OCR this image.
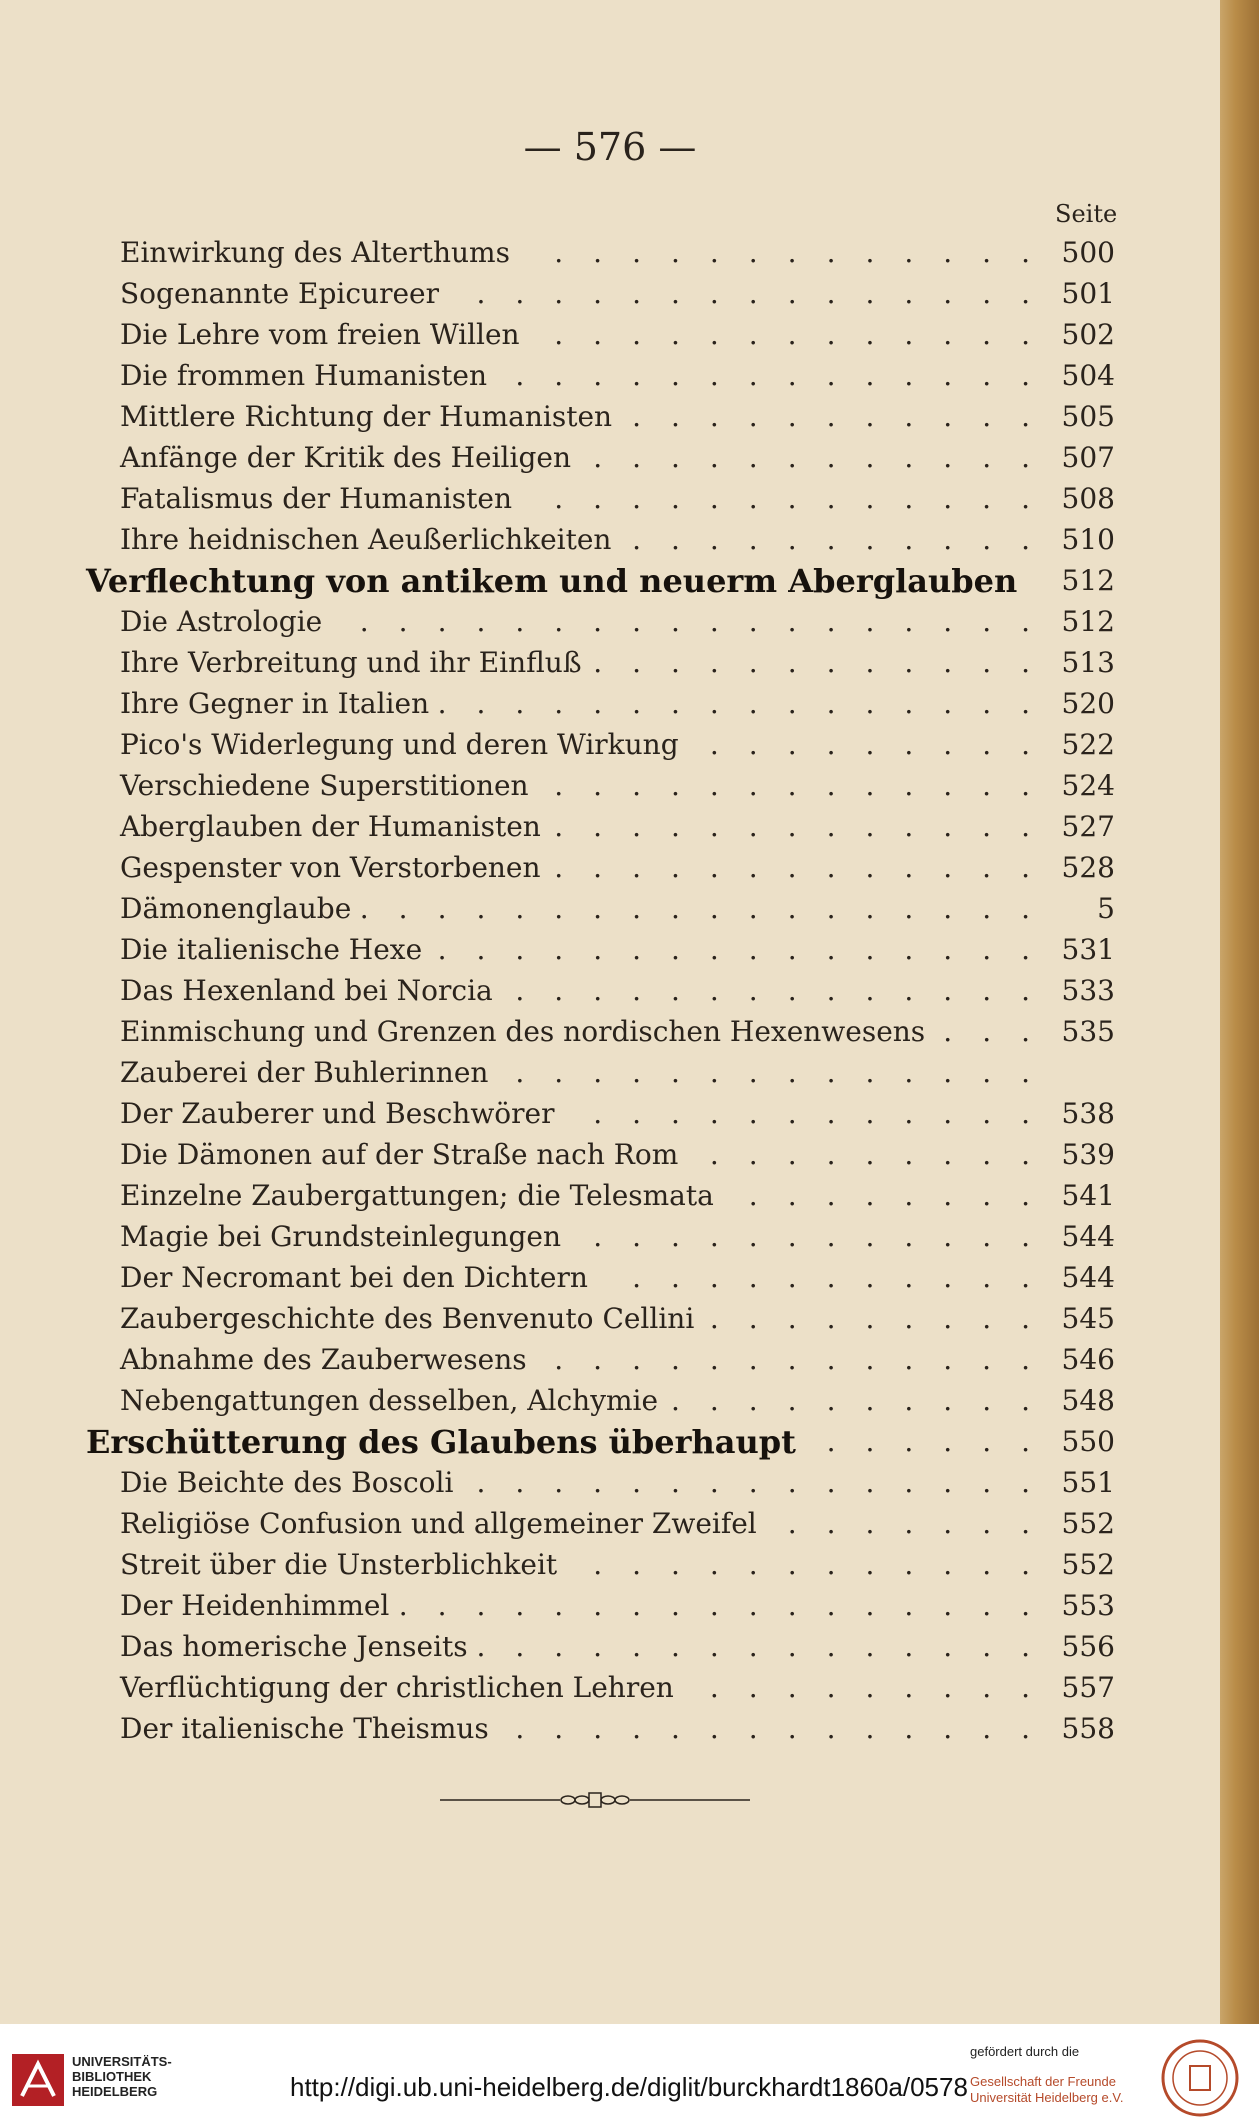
— 576 —
Seite
Einwirkung des Alterthums ............. 500
Sogenannte Epicureer ............... 501
Die Lehre vom freien Willen ............. 502
Die frommen Humanisten .............. 504
Mittlere Richtung der Humanisten ........... 505
Anfänge der Kritik des Heiligen ............ 507
Fatalismus der Humanisten ............. 508
Ihre heidnischen Aeußerlichkeiten ........... 510
Verflechtung von antikem und neuerm Aberglauben	512
Die Astrologie .................. 512
Ihre Verbreitung und ihr Einfluß ............ 513
Ihre Gegner in Italien ................ 520
Pico's Widerlegung und deren Wirkung ......... 522
Verschiedene Superstitionen ............. 524
Aberglauben der Humanisten ............. 527
Gespenster von Verstorbenen ............. 528
Dämonenglaube ..................	5
Die italienische Hexe ................ 531
Das Hexenland bei Norcia .............. 533
Einmischung und Grenzen des nordischen Hexenwesens ... 535
Zauberei der Buhlerinnen ..............
Der Zauberer und Beschwörer ............ 538
Die Dämonen auf der Straße nach Rom ......... 539
Einzelne Zaubergattungen; die Telesmata ........ 541
Magie bei Grundsteinlegungen ............ 544
Der Necromant bei den Dichtern ........... 544
Zaubergeschichte des Benvenuto Cellini ......... 545
Abnahme des Zauberwesens ............. 546
Nebengattungen desselben, Alchymie .......... 548
Erschütterung des Glaubens überhaupt ...... 550
Die Beichte des Boscoli ............... 551
Religiöse Confusion und allgemeiner Zweifel ....... 552
Streit über die Unsterblichkeit ............ 552
Der Heidenhimmel ................. 553
Das homerische Jenseits ............... 556
Verflüchtigung der christlichen Lehren ......... 557
Der italienische Theismus .............. 558
UNIVERSITÄTS-
BIBLIOTHEK
HEIDELBERG	http://digi.ub.uni-heidelberg.de/diglit/burckhardt1860a/0578
gefördert durch die
Gesellschaft der Freunde Universität Heidelberg e.V.
